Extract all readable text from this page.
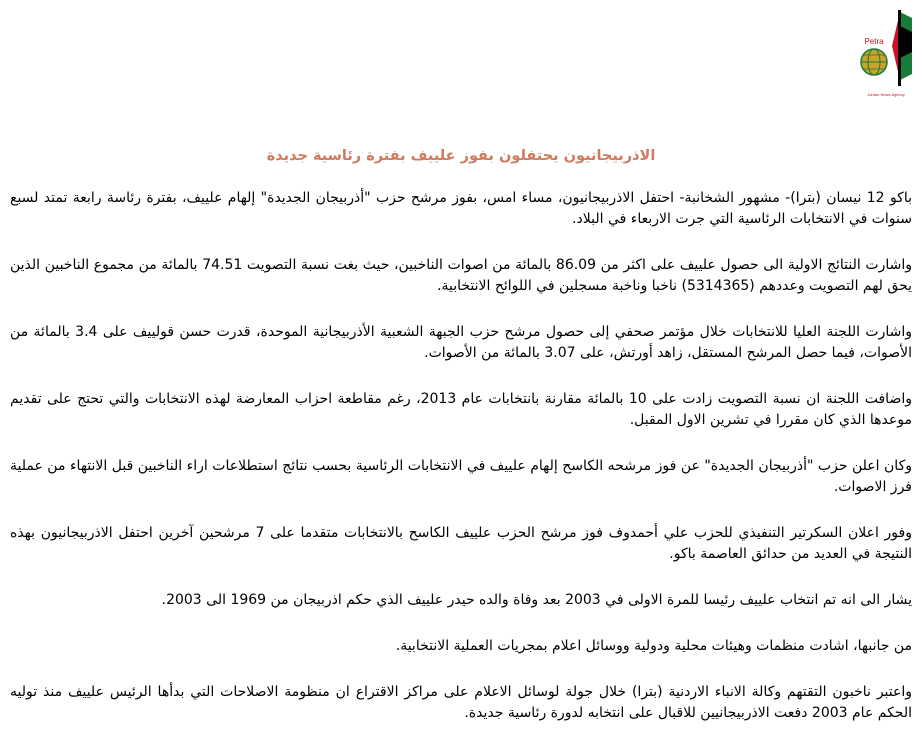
Petra
Jordan News Agency
الاذربيجانيون يحتفلون بفوز علييف بفترة رئاسية جديدة

باكو 12 نيسان (بترا)- مشهور الشخانبة- احتفل الاذربيجانيون، مساء امس، بفوز مرشح حزب "أذربيجان الجديدة" إلهام علييف، بفترة رئاسة رابعة تمتد لسبع سنوات في الانتخابات الرئاسية التي جرت الاربعاء في البلاد.

واشارت النتائج الاولية الى حصول علييف على اكثر من 86.09 بالمائة من اصوات الناخبين، حيث بغت نسبة التصويت 74.51 بالمائة من مجموع الناخبين الذين يحق لهم التصويت وعددهم (5314365) ناخبا وناخبة مسجلين في اللوائح الانتخابية.

واشارت اللجنة العليا للانتخابات خلال مؤتمر صحفي إلى حصول مرشح حزب الجبهة الشعبية الأذربيجانية الموحدة، قدرت حسن قولييف على 3.4 بالمائة من الأصوات، فيما حصل المرشح المستقل، زاهد أورتش، على 3.07 بالمائة من الأصوات.

واضافت اللجنة ان نسبة التصويت زادت على 10 بالمائة مقارنة بانتخابات عام 2013، رغم مقاطعة احزاب المعارضة لهذه الانتخابات والتي تحتج على تقديم موعدها الذي كان مقررا في تشرين الاول المقبل.

وكان اعلن حزب "أذربيجان الجديدة" عن فوز مرشحه الكاسح إلهام علييف في الانتخابات الرئاسية بحسب نتائج استطلاعات اراء الناخبين قبل الانتهاء من عملية فرز الاصوات.

وفور اعلان السكرتير التنفيذي للحزب علي أحمدوف فوز مرشح الحزب علييف الكاسح بالانتخابات متقدما على 7 مرشحين آخرين احتفل الاذربيجانيون بهذه النتيجة في العديد من حدائق العاصمة باكو.

يشار الى انه تم انتخاب علييف رئيسا للمرة الاولى في 2003 بعد وفاة والده حيدر علييف الذي حكم اذربيجان من 1969 الى 2003.

من جانبها، اشادت منظمات وهيئات محلية ودولية ووسائل اعلام بمجريات العملية الانتخابية.

واعتبر ناخبون التقتهم وكالة الانباء الاردنية (بترا) خلال جولة لوسائل الاعلام على مراكز الاقتراع ان منظومة الاصلاحات التي بدأها الرئيس علييف منذ توليه الحكم عام 2003 دفعت الاذربيجانيين للاقبال على انتخابه لدورة رئاسية جديدة.
